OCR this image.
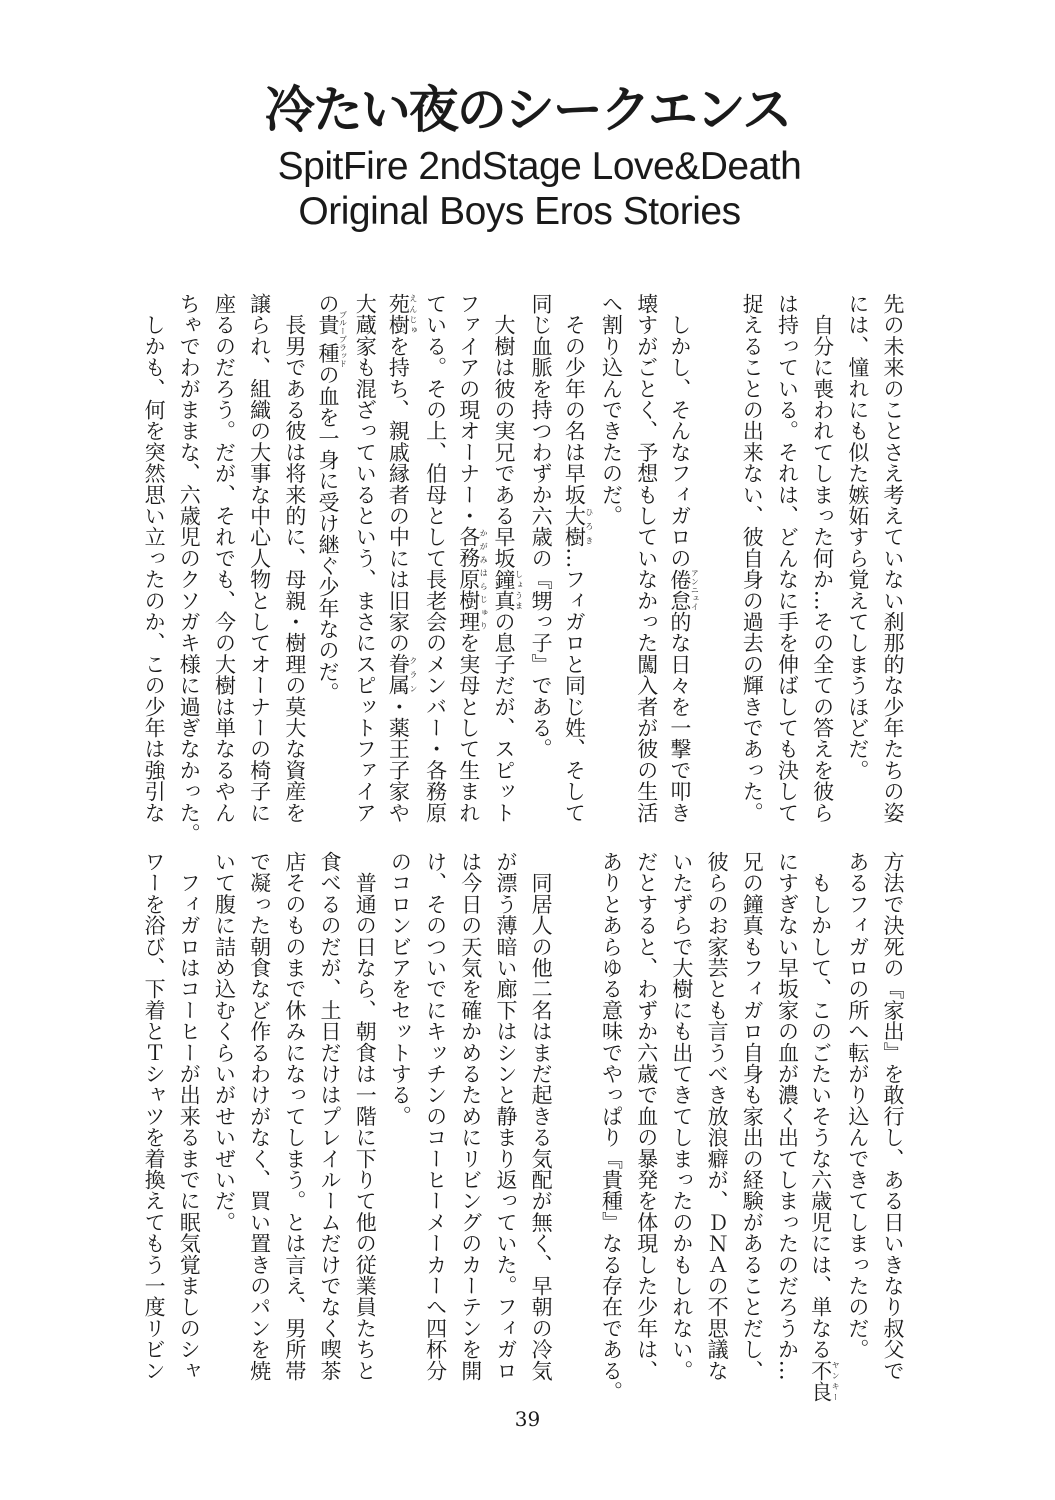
冷たい夜のシークエンス
SpitFire 2ndStage Love&Death
Original Boys Eros Stories
先の未来のことさえ考えていない刹那的な少年たちの姿
には、憧れにも似た嫉妬すら覚えてしまうほどだ。
　自分に喪われてしまった何か…その全ての答えを彼ら
は持っている。それは、どんなに手を伸ばしても決して
捉えることの出来ない、彼自身の過去の輝きであった。
　しかし、そんなフィガロの倦怠アンニュイ的な日々を一撃で叩き
壊すがごとく、予想もしていなかった闖入者が彼の生活
へ割り込んできたのだ。
　その少年の名は早坂大樹ひろき…フィガロと同じ姓、そして
同じ血脈を持つわずか六歳の『甥っ子』である。
　大樹は彼の実兄である早坂鐘真しょうまの息子だが、スピット
ファイアの現オーナー・各務原樹理かがみはらじゅりを実母として生まれ
ている。その上、伯母として長老会のメンバー・各務原
苑樹えんじゅを持ち、親戚縁者の中には旧家の眷属クラン・薬王子家や
大蔵家も混ざっているという、まさにスピットファイア
の貴種ブルーブラッドの血を一身に受け継ぐ少年なのだ。
　長男である彼は将来的に、母親・樹理の莫大な資産を
譲られ、組織の大事な中心人物としてオーナーの椅子に
座るのだろう。だが、それでも、今の大樹は単なるやん
ちゃでわがままな、六歳児のクソガキ様に過ぎなかった。
　しかも、何を突然思い立ったのか、この少年は強引な
方法で決死の『家出』を敢行し、ある日いきなり叔父で
あるフィガロの所へ転がり込んできてしまったのだ。
　もしかして、このごたいそうな六歳児には、単なる不良ヤンキー
にすぎない早坂家の血が濃く出てしまったのだろうか…
兄の鐘真もフィガロ自身も家出の経験があることだし、
彼らのお家芸とも言うべき放浪癖が、ＤＮＡの不思議な
いたずらで大樹にも出てきてしまったのかもしれない。
だとすると、わずか六歳で血の暴発を体現した少年は、
ありとあらゆる意味でやっぱり『貴種』なる存在である。
　同居人の他二名はまだ起きる気配が無く、早朝の冷気
が漂う薄暗い廊下はシンと静まり返っていた。フィガロ
は今日の天気を確かめるためにリビングのカーテンを開
け、そのついでにキッチンのコーヒーメーカーへ四杯分
のコロンビアをセットする。
　普通の日なら、朝食は一階に下りて他の従業員たちと
食べるのだが、土日だけはプレイルームだけでなく喫茶
店そのものまで休みになってしまう。とは言え、男所帯
で凝った朝食など作るわけがなく、買い置きのパンを焼
いて腹に詰め込むくらいがせいぜいだ。
　フィガロはコーヒーが出来るまでに眠気覚ましのシャ
ワーを浴び、下着とＴシャツを着換えてもう一度リビン
39
